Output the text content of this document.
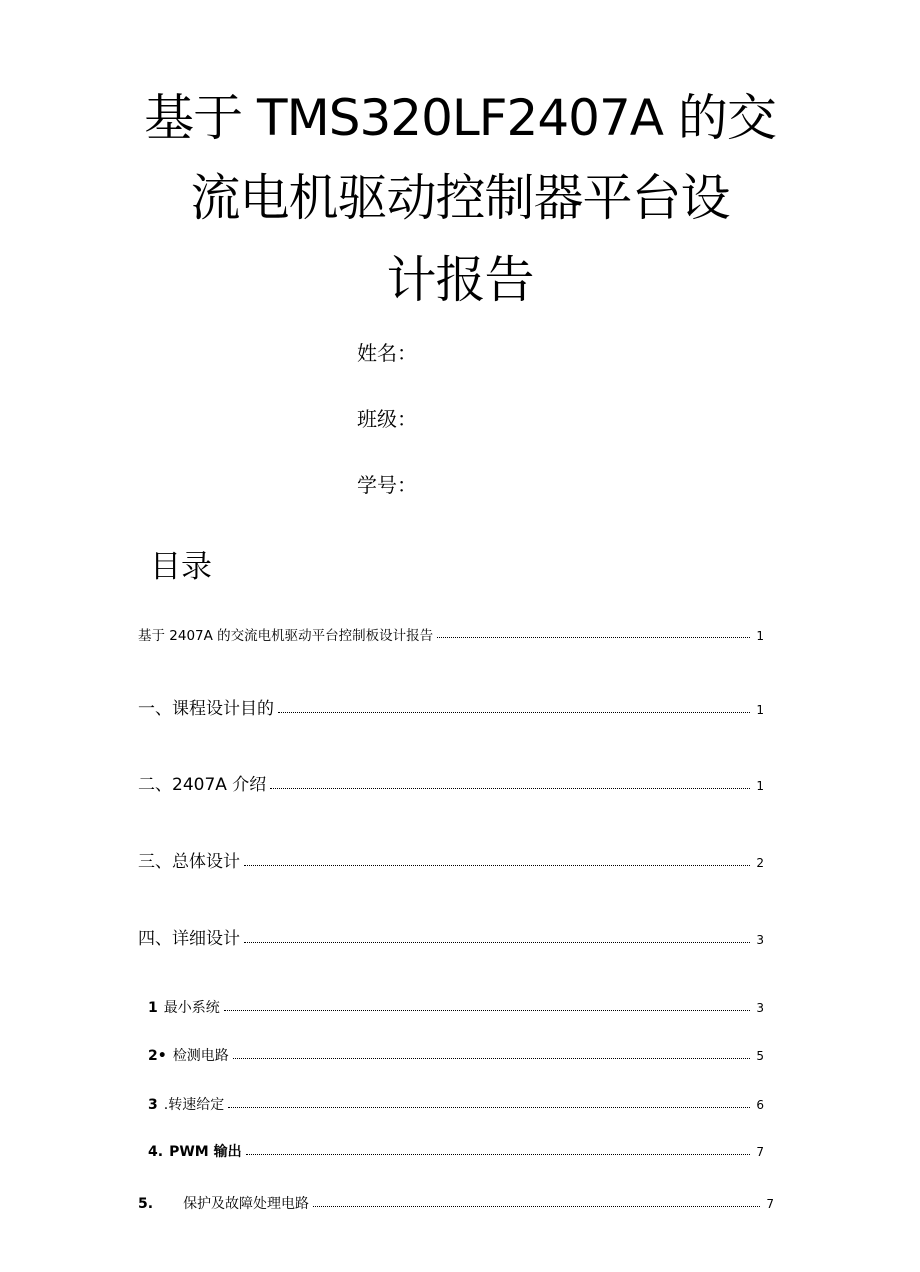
基于 TMS320LF2407A 的交
流电机驱动控制器平台设
计报告
姓名：
班级：
学号：
目录
基于 2407A 的交流电机驱动平台控制板设计报告	1
一、课程设计目的	1
二、2407A 介绍	1
三、总体设计	2
四、详细设计	3
1 最小系统	3
2• 检测电路	5
3 .转速给定	6
4. PWM 输出	7
5. 保护及故障处理电路	7
